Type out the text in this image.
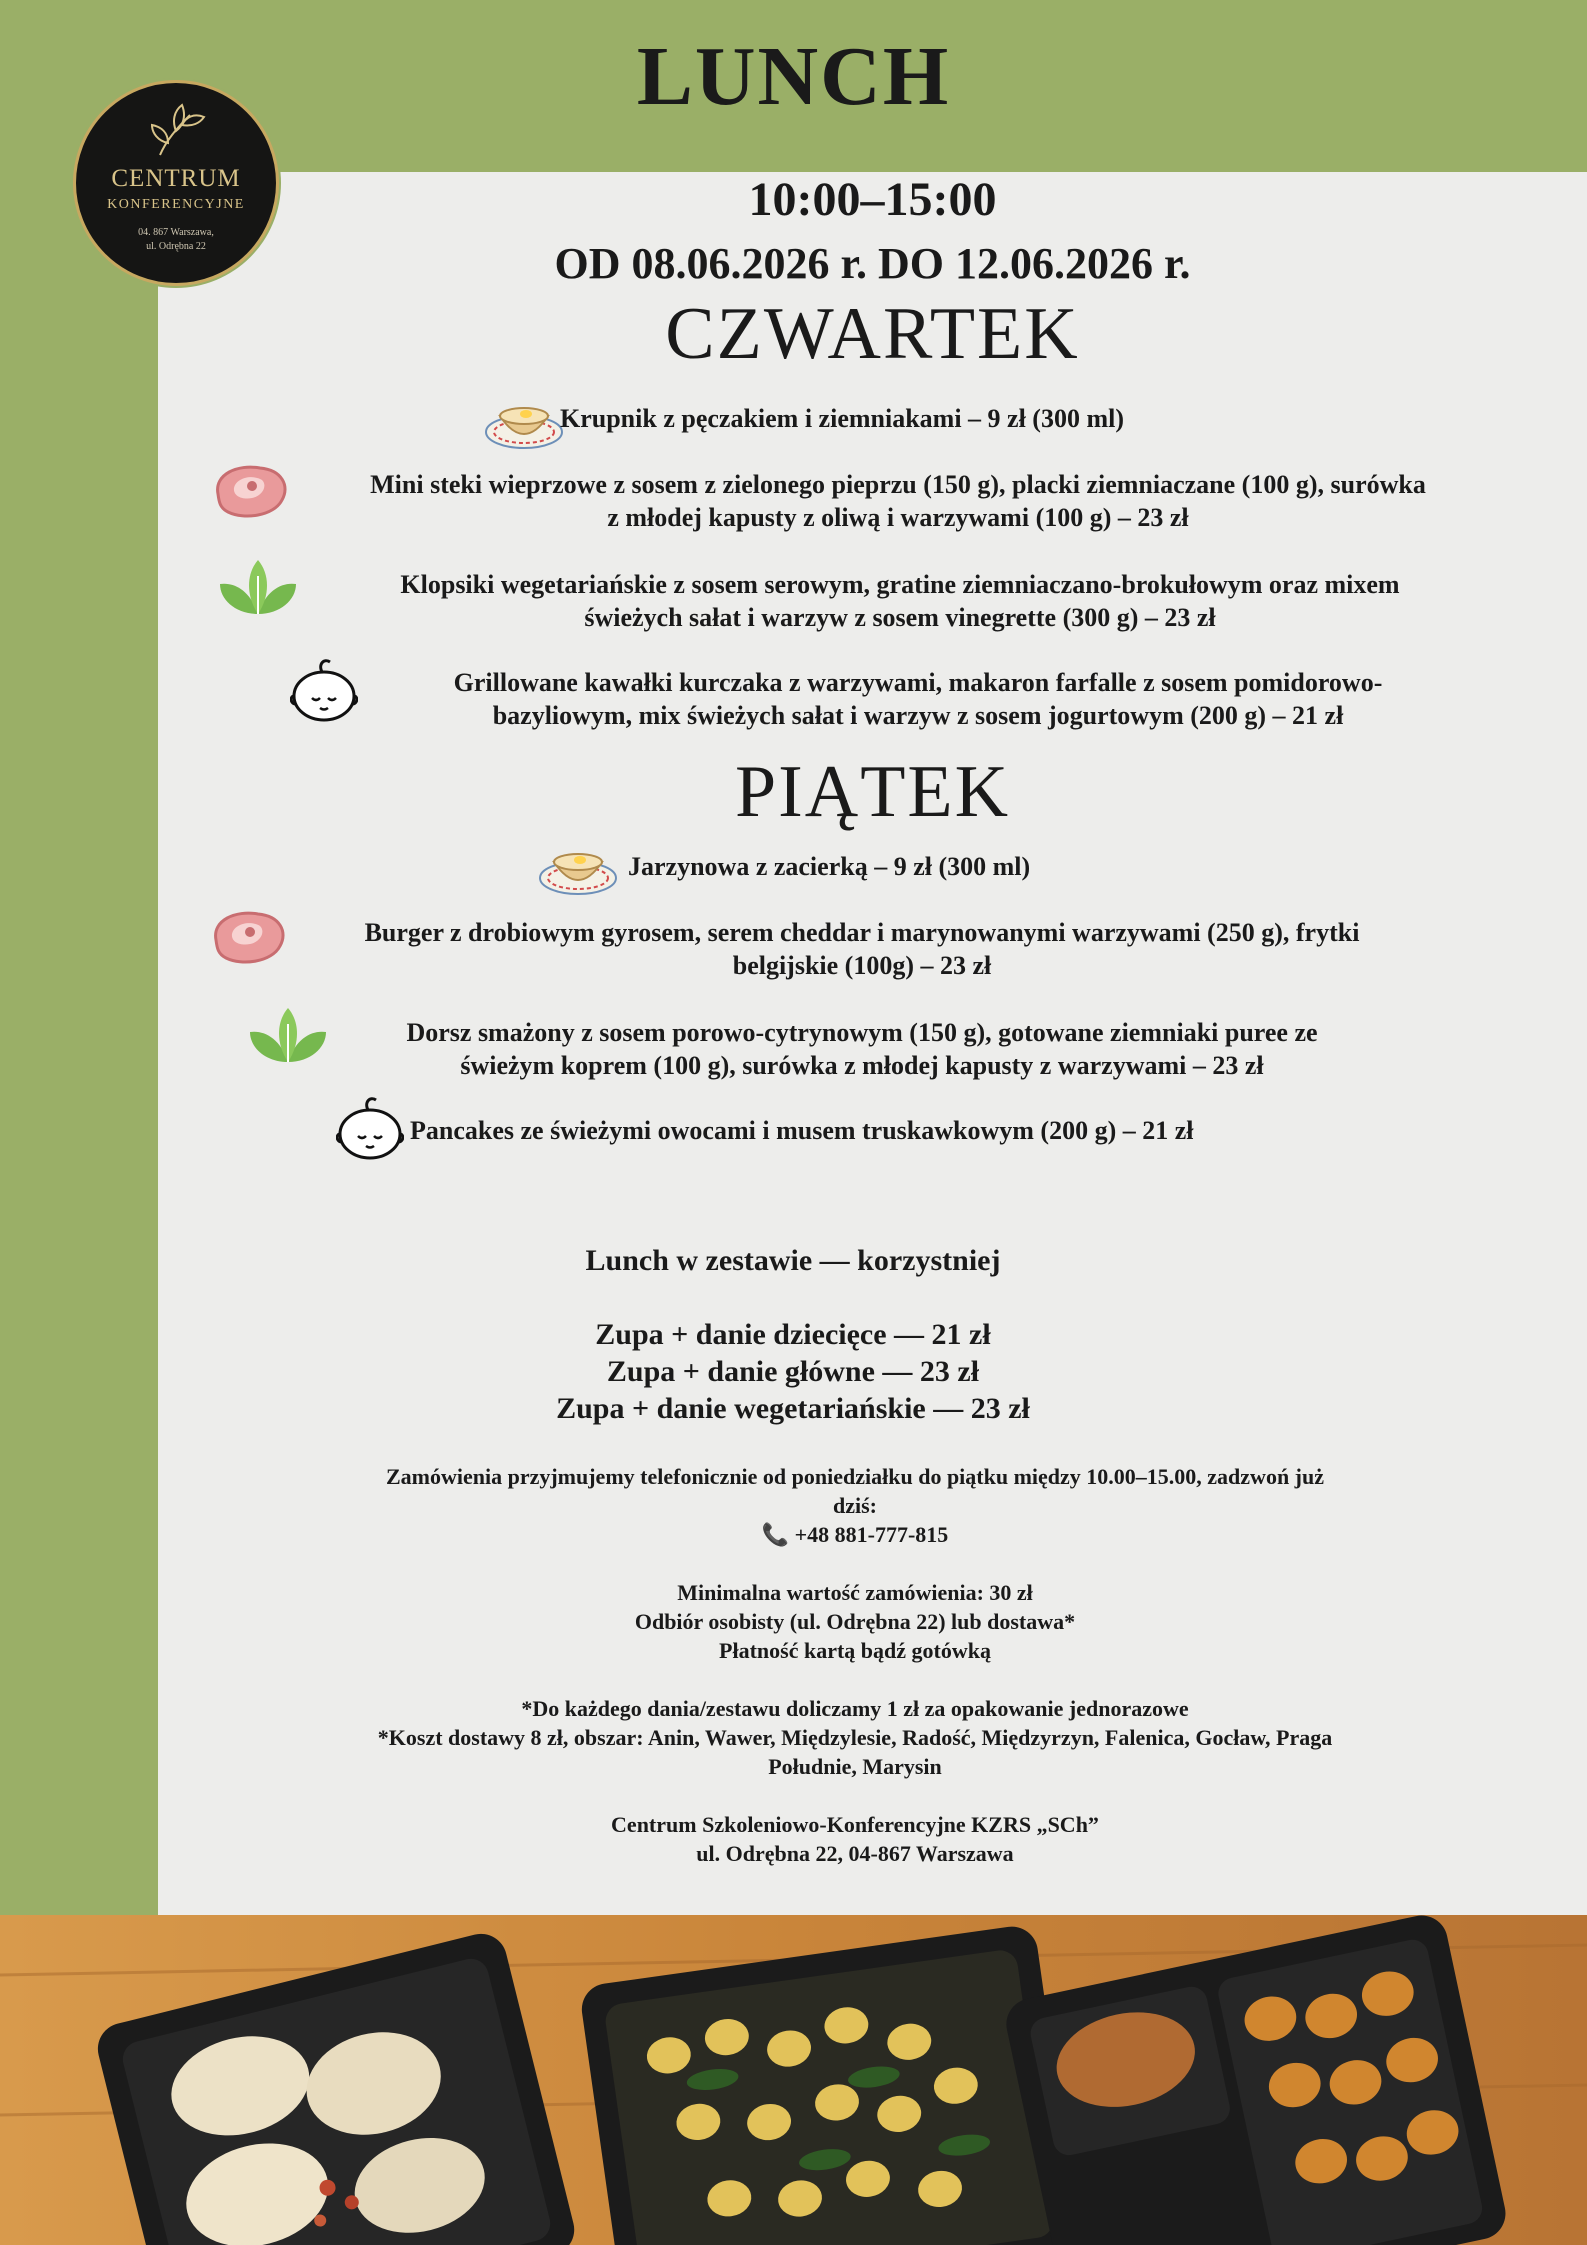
LUNCH
CENTRUM
KONFERENCYJNE
04. 867 Warszawa,
ul. Odrębna 22

10:00–15:00

OD 08.06.2026 r. DO 12.06.2026 r.

CZWARTEK

Krupnik z pęczakiem i ziemniakami – 9 zł (300 ml)

Mini steki wieprzowe z sosem z zielonego pieprzu (150 g), placki ziemniaczane (100 g), surówka
z młodej kapusty z oliwą i warzywami (100 g) – 23 zł

Klopsiki wegetariańskie z sosem serowym, gratine ziemniaczano-brokułowym oraz mixem
świeżych sałat i warzyw z sosem vinegrette (300 g) – 23 zł

Grillowane kawałki kurczaka z warzywami, makaron farfalle z sosem pomidorowo-
bazyliowym, mix świeżych sałat i warzyw z sosem jogurtowym (200 g) – 21 zł

PIĄTEK

Jarzynowa z zacierką – 9 zł (300 ml)

Burger z drobiowym gyrosem, serem cheddar i marynowanymi warzywami (250 g), frytki
belgijskie (100g) – 23 zł

Dorsz smażony z sosem porowo-cytrynowym (150 g), gotowane ziemniaki puree ze
świeżym koprem (100 g), surówka z młodej kapusty z warzywami – 23 zł

Pancakes ze świeżymi owocami i musem truskawkowym (200 g) – 21 zł

Lunch w zestawie — korzystniej

Zupa + danie dziecięce — 21 zł

Zupa + danie główne — 23 zł

Zupa + danie wegetariańskie — 23 zł

Zamówienia przyjmujemy telefonicznie od poniedziałku do piątku między 10.00–15.00, zadzwoń już
dziś:
📞 +48 881-777-815

Minimalna wartość zamówienia: 30 zł
Odbiór osobisty (ul. Odrębna 22) lub dostawa*
Płatność kartą bądź gotówką

*Do każdego dania/zestawu doliczamy 1 zł za opakowanie jednorazowe
*Koszt dostawy 8 zł, obszar: Anin, Wawer, Międzylesie, Radość, Międzyrzyn, Falenica, Gocław, Praga
Południe, Marysin

Centrum Szkoleniowo-Konferencyjne KZRS „SCh”
ul. Odrębna 22, 04-867 Warszawa
